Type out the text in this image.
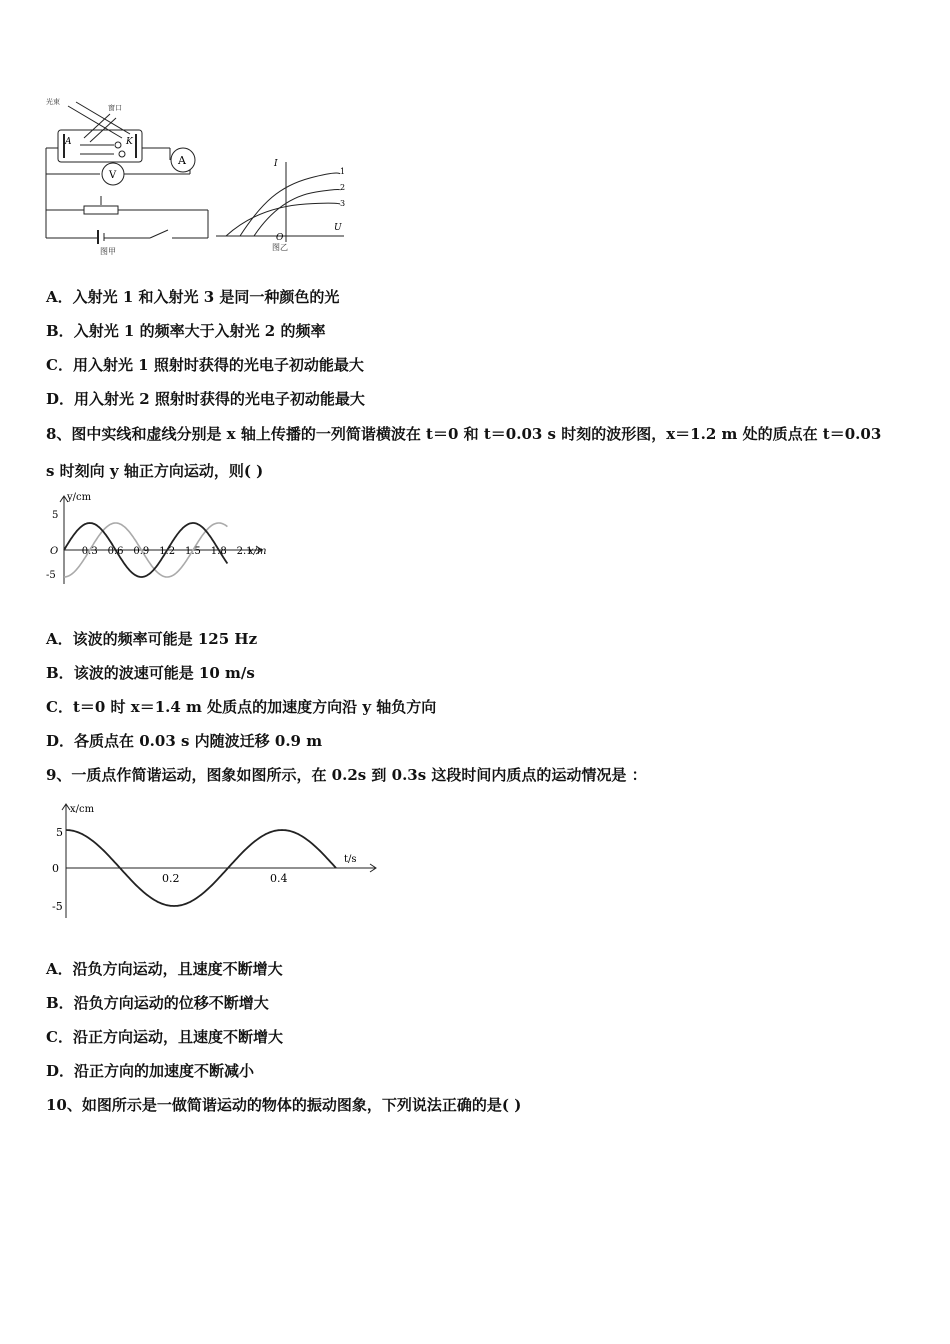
光束
窗口
A	K
A
V
图甲
I
U
O
1
2
3
图乙
A．入射光 1 和入射光 3 是同一种颜色的光
B．入射光 1 的频率大于入射光 2 的频率
C．用入射光 1 照射时获得的光电子初动能最大
D．用入射光 2 照射时获得的光电子初动能最大
8、图中实线和虚线分别是 x 轴上传播的一列简谐横波在 t＝0 和 t＝0.03 s 时刻的波形图，x＝1.2 m 处的质点在 t＝0.03
s 时刻向 y 轴正方向运动，则( )
y/cm
x/m
O
5
-5
0.3 0.6 0.9 1.2 1.5 1.8 2.1
A．该波的频率可能是 125 Hz
B．该波的波速可能是 10 m/s
C．t＝0 时 x＝1.4 m 处质点的加速度方向沿 y 轴负方向
D．各质点在 0.03 s 内随波迁移 0.9 m
9、一质点作简谐运动，图象如图所示，在 0.2s 到 0.3s 这段时间内质点的运动情况是 ：
x/cm
t/s
5
0
-5
0.2	0.4
A．沿负方向运动，且速度不断增大
B．沿负方向运动的位移不断增大
C．沿正方向运动，且速度不断增大
D．沿正方向的加速度不断减小
10、如图所示是一做简谐运动的物体的振动图象，下列说法正确的是( )
